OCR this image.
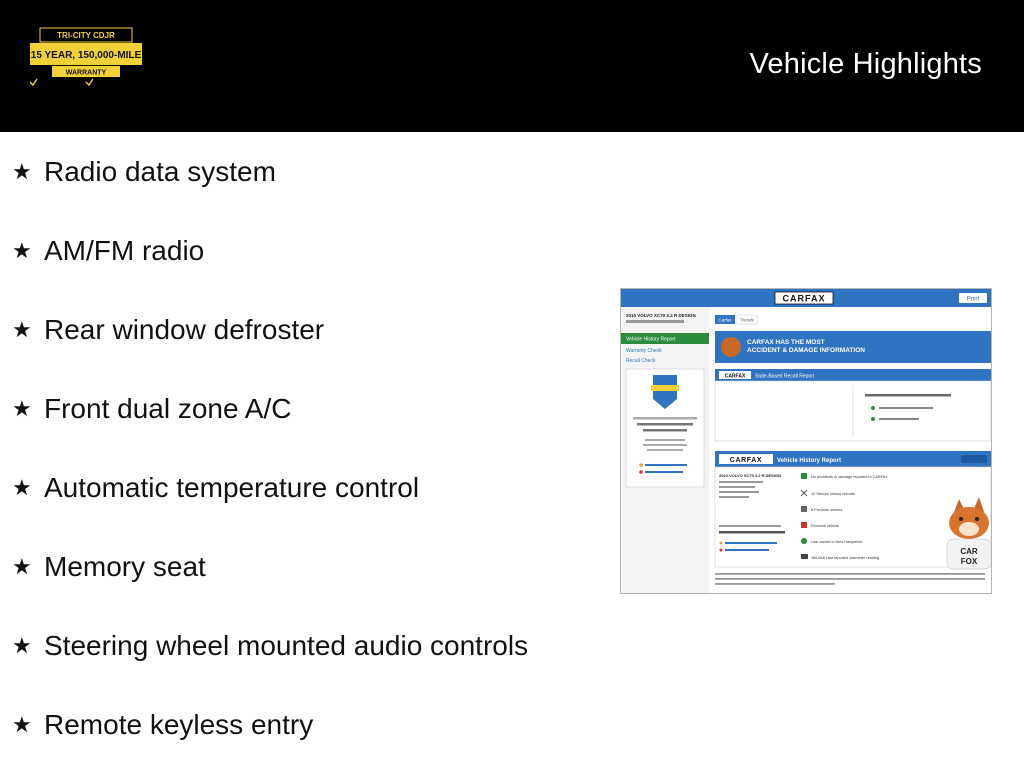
TRI-CITY CDJR
15 YEAR, 150,000-MILE
WARRANTY	Vehicle Highlights
★ Radio data system
★ AM/FM radio
★ Rear window defroster
★ Front dual zone A/C
★ Automatic temperature control
★ Memory seat
★ Steering wheel mounted audio controls
★ Remote keyless entry
CARFAX	Print
2010 VOLVO XC70 3.2 R DESIGN
Vehicle History Report
Warranty Check
Recall Check
Carfax Trends
CARFAX HAS THE MOST
ACCIDENT & DAMAGE INFORMATION
CARFAX State-Based Recall Report
CARFAX Vehicle History Report
2010 VOLVO XC70 3.2 R DESIGN	No accidents or damage reported to CARFAX
10 Service history records
8 Previous owners
Personal vehicle
Last owned in New Hampshire
165,648 Last reported odometer reading
CAR
FOX
